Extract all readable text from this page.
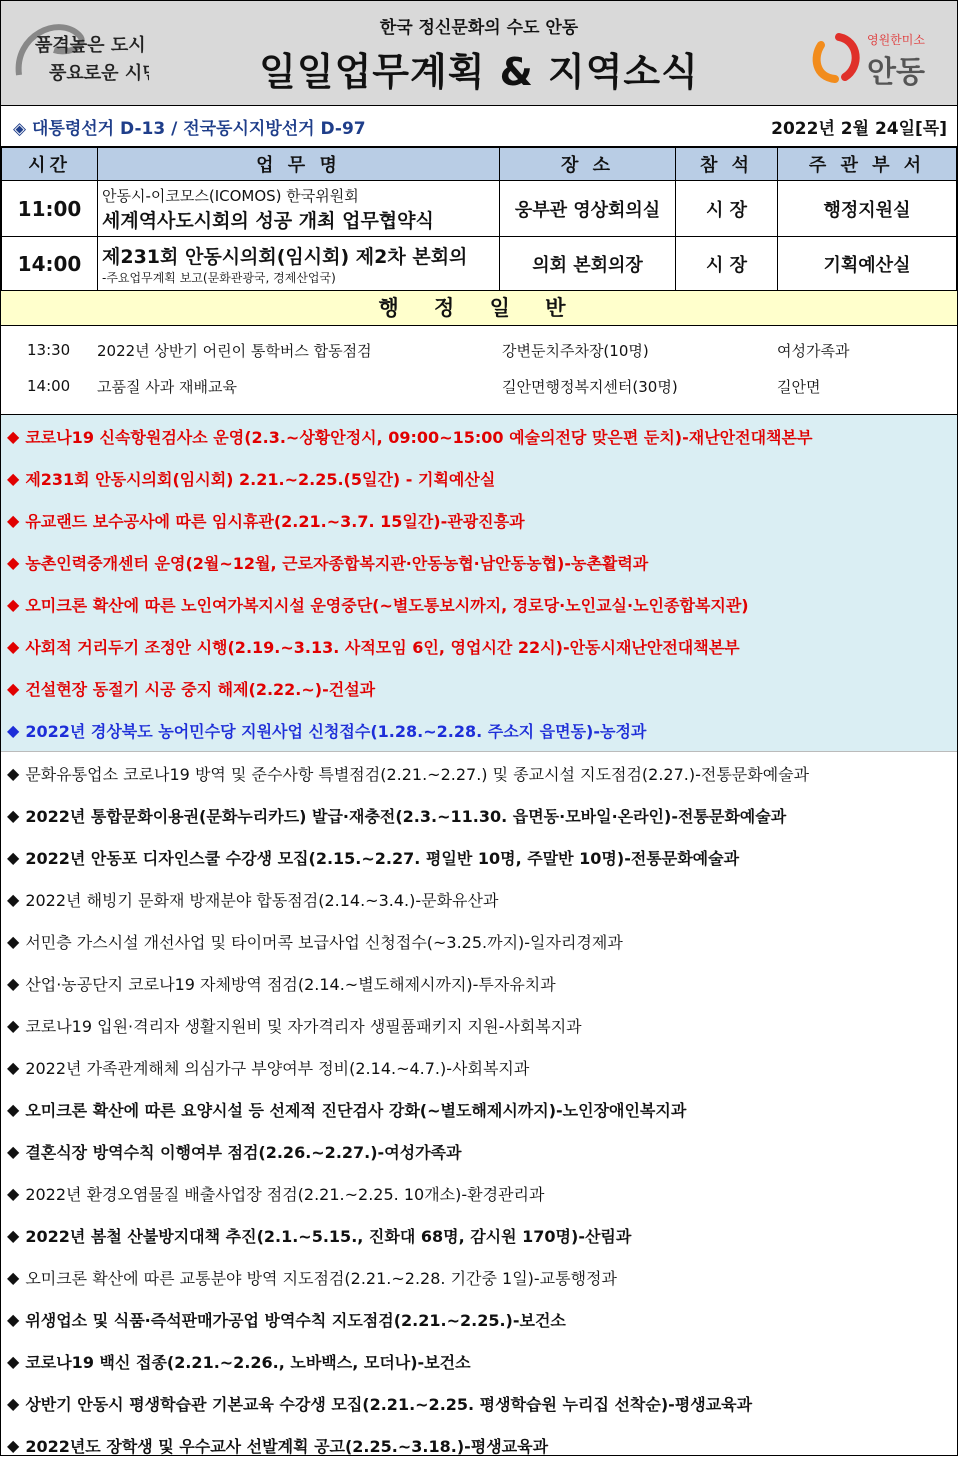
품격높은 도시
풍요로운 시민
한국 정신문화의 수도 안동
일일업무계획 & 지역소식
영원한미소
안동
◈ 대통령선거 D-13 / 전국동시지방선거 D-97	2022년 2월 24일[목]
시간	업 무 명	장 소	참 석	주 관 부 서
11:00	안동시-이코모스(ICOMOS) 한국위원회
세계역사도시회의 성공 개최 업무협약식	웅부관 영상회의실	시 장	행정지원실
14:00	제231회 안동시의회(임시회) 제2차 본회의
-주요업무계획 보고(문화관광국, 경제산업국)	의회 본회의장	시 장	기획예산실
행 정 일 반
13:30	2022년 상반기 어린이 통학버스 합동점검	강변둔치주차장(10명)	여성가족과
14:00	고품질 사과 재배교육	길안면행정복지센터(30명)	길안면
◆ 코로나19 신속항원검사소 운영(2.3.~상황안정시, 09:00~15:00 예술의전당 맞은편 둔치)-재난안전대책본부
◆ 제231회 안동시의회(임시회) 2.21.~2.25.(5일간) - 기획예산실
◆ 유교랜드 보수공사에 따른 임시휴관(2.21.~3.7. 15일간)-관광진흥과
◆ 농촌인력중개센터 운영(2월~12월, 근로자종합복지관·안동농협·남안동농협)-농촌활력과
◆ 오미크론 확산에 따른 노인여가복지시설 운영중단(~별도통보시까지, 경로당·노인교실·노인종합복지관)
◆ 사회적 거리두기 조정안 시행(2.19.~3.13. 사적모임 6인, 영업시간 22시)-안동시재난안전대책본부
◆ 건설현장 동절기 시공 중지 해제(2.22.~)-건설과
◆ 2022년 경상북도 농어민수당 지원사업 신청접수(1.28.~2.28. 주소지 읍면동)-농정과
◆ 문화유통업소 코로나19 방역 및 준수사항 특별점검(2.21.~2.27.) 및 종교시설 지도점검(2.27.)-전통문화예술과
◆ 2022년 통합문화이용권(문화누리카드) 발급·재충전(2.3.~11.30. 읍면동·모바일·온라인)-전통문화예술과
◆ 2022년 안동포 디자인스쿨 수강생 모집(2.15.~2.27. 평일반 10명, 주말반 10명)-전통문화예술과
◆ 2022년 해빙기 문화재 방재분야 합동점검(2.14.~3.4.)-문화유산과
◆ 서민층 가스시설 개선사업 및 타이머콕 보급사업 신청접수(~3.25.까지)-일자리경제과
◆ 산업·농공단지 코로나19 자체방역 점검(2.14.~별도해제시까지)-투자유치과
◆ 코로나19 입원·격리자 생활지원비 및 자가격리자 생필품패키지 지원-사회복지과
◆ 2022년 가족관계해체 의심가구 부양여부 정비(2.14.~4.7.)-사회복지과
◆ 오미크론 확산에 따른 요양시설 등 선제적 진단검사 강화(~별도해제시까지)-노인장애인복지과
◆ 결혼식장 방역수칙 이행여부 점검(2.26.~2.27.)-여성가족과
◆ 2022년 환경오염물질 배출사업장 점검(2.21.~2.25. 10개소)-환경관리과
◆ 2022년 봄철 산불방지대책 추진(2.1.~5.15., 진화대 68명, 감시원 170명)-산림과
◆ 오미크론 확산에 따른 교통분야 방역 지도점검(2.21.~2.28. 기간중 1일)-교통행정과
◆ 위생업소 및 식품·즉석판매가공업 방역수칙 지도점검(2.21.~2.25.)-보건소
◆ 코로나19 백신 접종(2.21.~2.26., 노바백스, 모더나)-보건소
◆ 상반기 안동시 평생학습관 기본교육 수강생 모집(2.21.~2.25. 평생학습원 누리집 선착순)-평생교육과
◆ 2022년도 장학생 및 우수교사 선발계획 공고(2.25.~3.18.)-평생교육과
